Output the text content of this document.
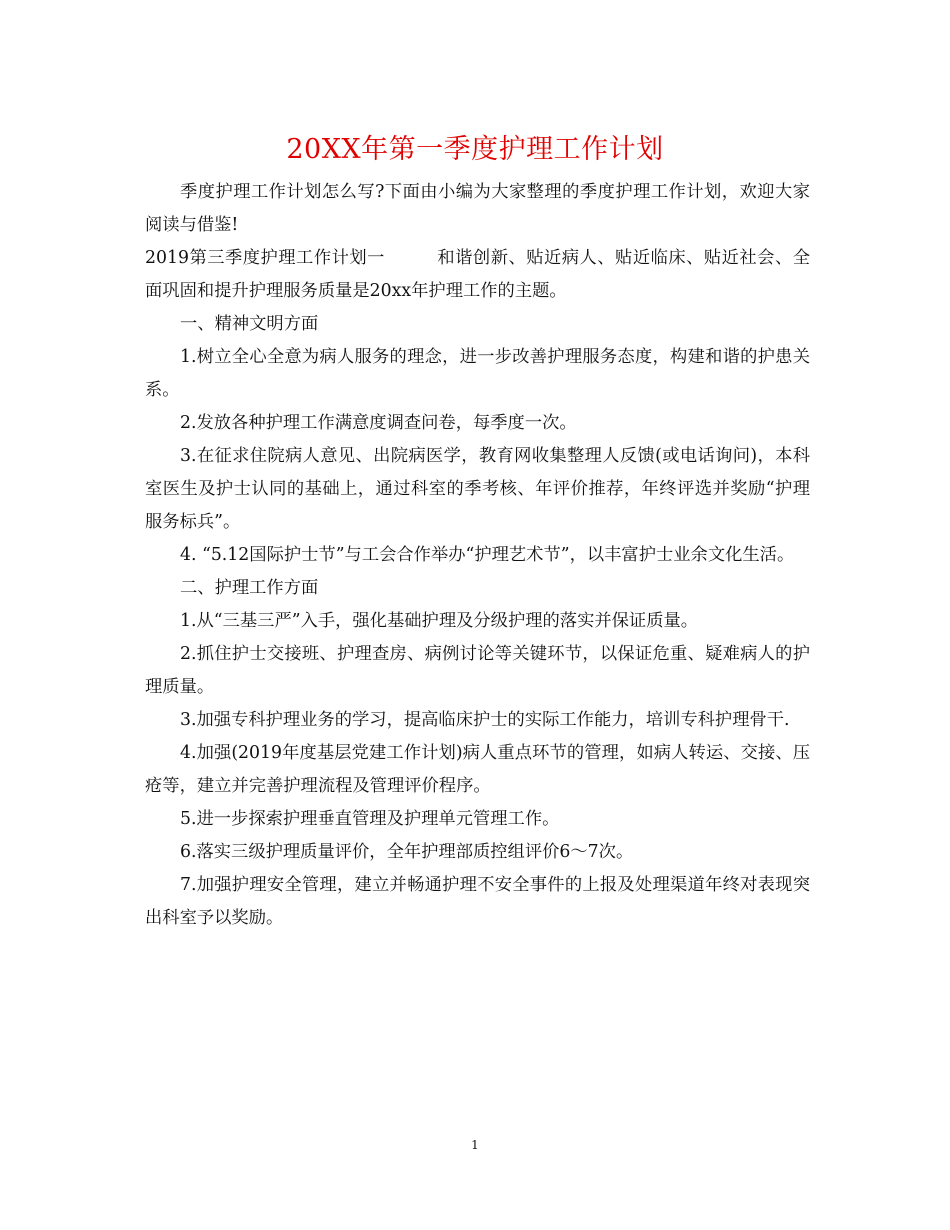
20XX年第一季度护理工作计划

季度护理工作计划怎么写?下面由小编为大家整理的季度护理工作计划，欢迎大家阅读与借鉴!

2019第三季度护理工作计划一	和谐创新、贴近病人、贴近临床、贴近社会、全面巩固和提升护理服务质量是20xx年护理工作的主题。

一、精神文明方面

1.树立全心全意为病人服务的理念，进一步改善护理服务态度，构建和谐的护患关系。

2.发放各种护理工作满意度调查问卷，每季度一次。

3.在征求住院病人意见、出院病医学，教育网收集整理人反馈(或电话询问)，本科室医生及护士认同的基础上，通过科室的季考核、年评价推荐，年终评选并奖励“护理服务标兵”。

4. “5.12国际护士节”与工会合作举办“护理艺术节”，以丰富护士业余文化生活。

二、护理工作方面

1.从“三基三严”入手，强化基础护理及分级护理的落实并保证质量。

2.抓住护士交接班、护理查房、病例讨论等关键环节，以保证危重、疑难病人的护理质量。

3.加强专科护理业务的学习，提高临床护士的实际工作能力，培训专科护理骨干.

4.加强(2019年度基层党建工作计划)病人重点环节的管理，如病人转运、交接、压疮等，建立并完善护理流程及管理评价程序。

5.进一步探索护理垂直管理及护理单元管理工作。

6.落实三级护理质量评价，全年护理部质控组评价6～7次。

7.加强护理安全管理，建立并畅通护理不安全事件的上报及处理渠道年终对表现突出科室予以奖励。

1
